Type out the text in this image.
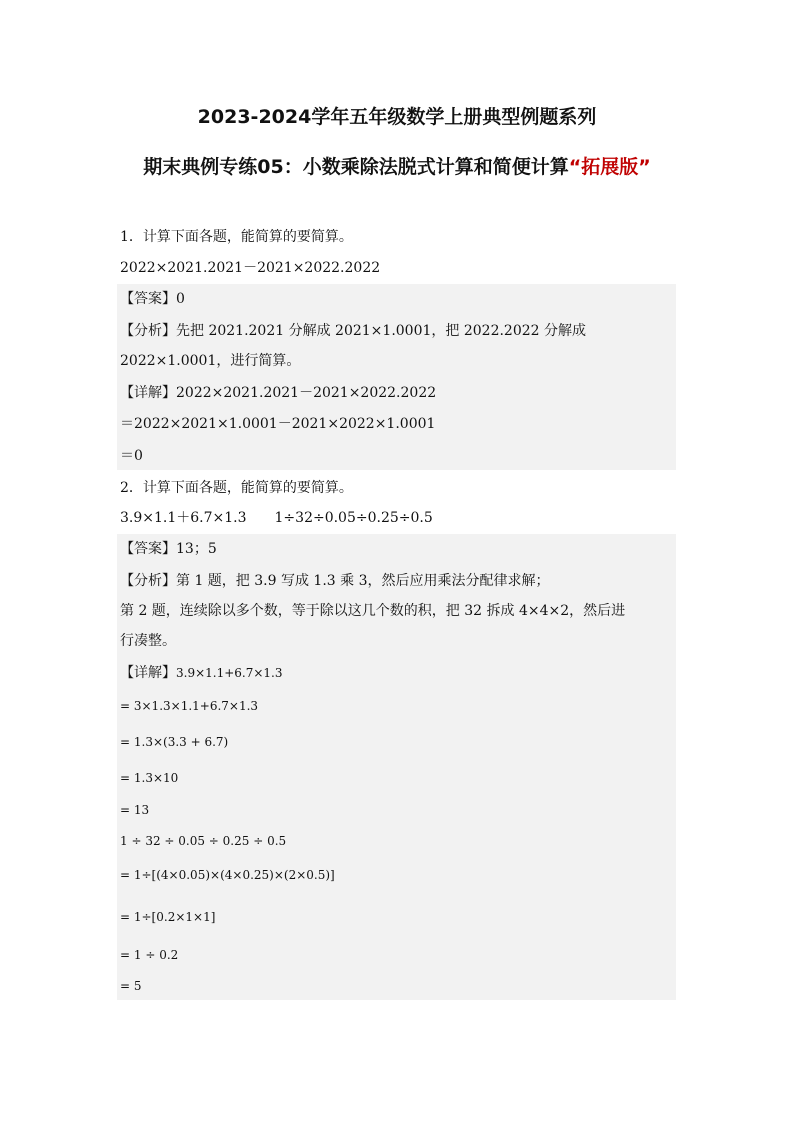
2023-2024学年五年级数学上册典型例题系列
期末典例专练05：小数乘除法脱式计算和简便计算“拓展版”
1．计算下面各题，能简算的要简算。
2022×2021.2021－2021×2022.2022
【答案】0
【分析】先把 2021.2021 分解成 2021×1.0001，把 2022.2022 分解成
2022×1.0001，进行简算。
【详解】2022×2021.2021－2021×2022.2022
＝2022×2021×1.0001－2021×2022×1.0001
＝0
2．计算下面各题，能简算的要简算。
3.9×1.1＋6.7×1.3　　1÷32÷0.05÷0.25÷0.5
【答案】13；5
【分析】第 1 题，把 3.9 写成 1.3 乘 3，然后应用乘法分配律求解；
第 2 题，连续除以多个数，等于除以这几个数的积，把 32 拆成 4×4×2，然后进
行凑整。
【详解】3.9×1.1+6.7×1.3
= 3×1.3×1.1+6.7×1.3
= 1.3×(3.3 + 6.7)
= 1.3×10
= 13
1 ÷ 32 ÷ 0.05 ÷ 0.25 ÷ 0.5
= 1÷[(4×0.05)×(4×0.25)×(2×0.5)]
= 1÷[0.2×1×1]
= 1 ÷ 0.2
= 5
